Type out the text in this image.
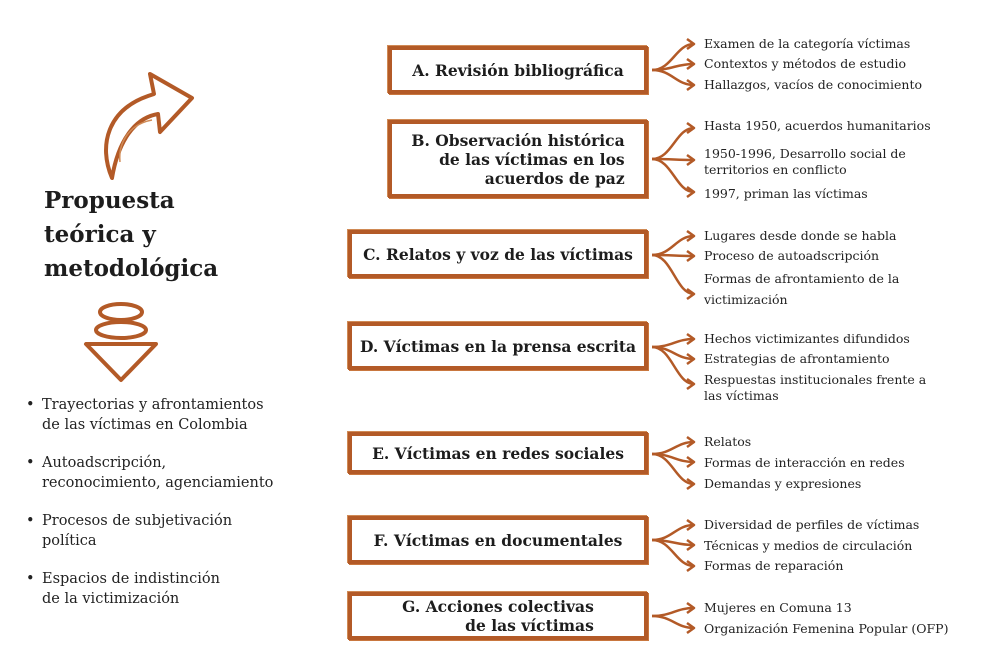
Propuesta
teórica y
metodológica
• Trayectorias y afrontamientos
de las víctimas en Colombia
• Autoadscripción,
reconocimiento, agenciamiento
• Procesos de subjetivación
política
• Espacios de indistinción
de la victimización
A. Revisión bibliográfica
B. Observación histórica
de las víctimas en los
acuerdos de paz
C. Relatos y voz de las víctimas
D. Víctimas en la prensa escrita
E. Víctimas en redes sociales
F. Víctimas en documentales
G. Acciones colectivas
de las víctimas
Examen de la categoría víctimas
Contextos y métodos de estudio
Hallazgos, vacíos de conocimiento
Hasta 1950, acuerdos humanitarios
1950-1996, Desarrollo social de territorios en conflicto
1997, priman las víctimas
Lugares desde donde se habla
Proceso de autoadscripción
Formas de afrontamiento de la victimización
Hechos victimizantes difundidos
Estrategias de afrontamiento
Respuestas institucionales frente a las víctimas
Relatos
Formas de interacción en redes
Demandas y expresiones
Diversidad de perfiles de víctimas
Técnicas y medios de circulación
Formas de reparación
Mujeres en Comuna 13
Organización Femenina Popular (OFP)
